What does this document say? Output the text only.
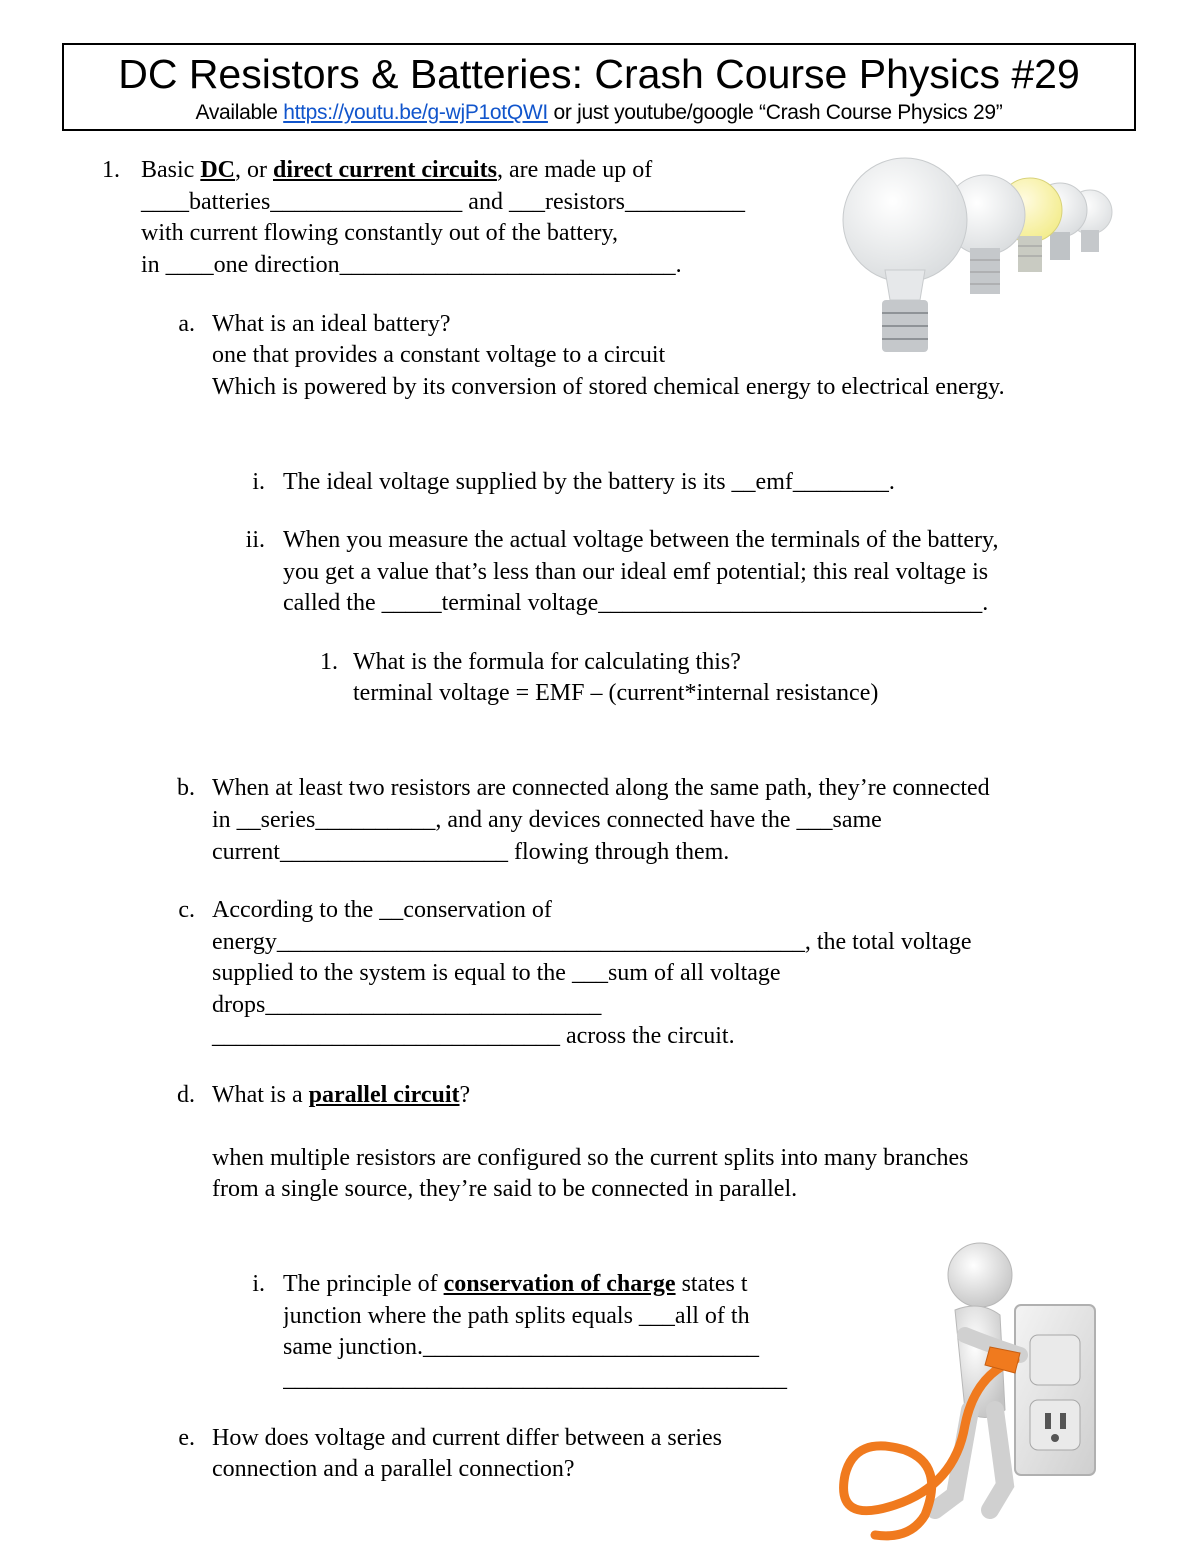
DC Resistors & Batteries: Crash Course Physics #29
Available https://youtu.be/g-wjP1otQWI or just youtube/google “Crash Course Physics 29”
1. Basic DC, or direct current circuits, are made up of
____batteries________________ and ___resistors__________
with current flowing constantly out of the battery,
in ____one direction____________________________.
a. What is an ideal battery?
one that provides a constant voltage to a circuit
Which is powered by its conversion of stored chemical energy to electrical energy.
i. The ideal voltage supplied by the battery is its __emf________.
ii. When you measure the actual voltage between the terminals of the battery,
you get a value that’s less than our ideal emf potential; this real voltage is
called the _____terminal voltage________________________________.
1. What is the formula for calculating this?
terminal voltage = EMF – (current*internal resistance)
b. When at least two resistors are connected along the same path, they’re connected
in __series__________, and any devices connected have the ___same
current___________________ flowing through them.
c. According to the __conservation of
energy____________________________________________, the total voltage
supplied to the system is equal to the ___sum of all voltage
drops____________________________
_____________________________ across the circuit.
d. What is a parallel circuit?
when multiple resistors are configured so the current splits into many branches
from a single source, they’re said to be connected in parallel.
i. The principle of conservation of charge states t
junction where the path splits equals ___all of th
same junction.____________________________
__________________________________________
e. How does voltage and current differ between a series
connection and a parallel connection?
